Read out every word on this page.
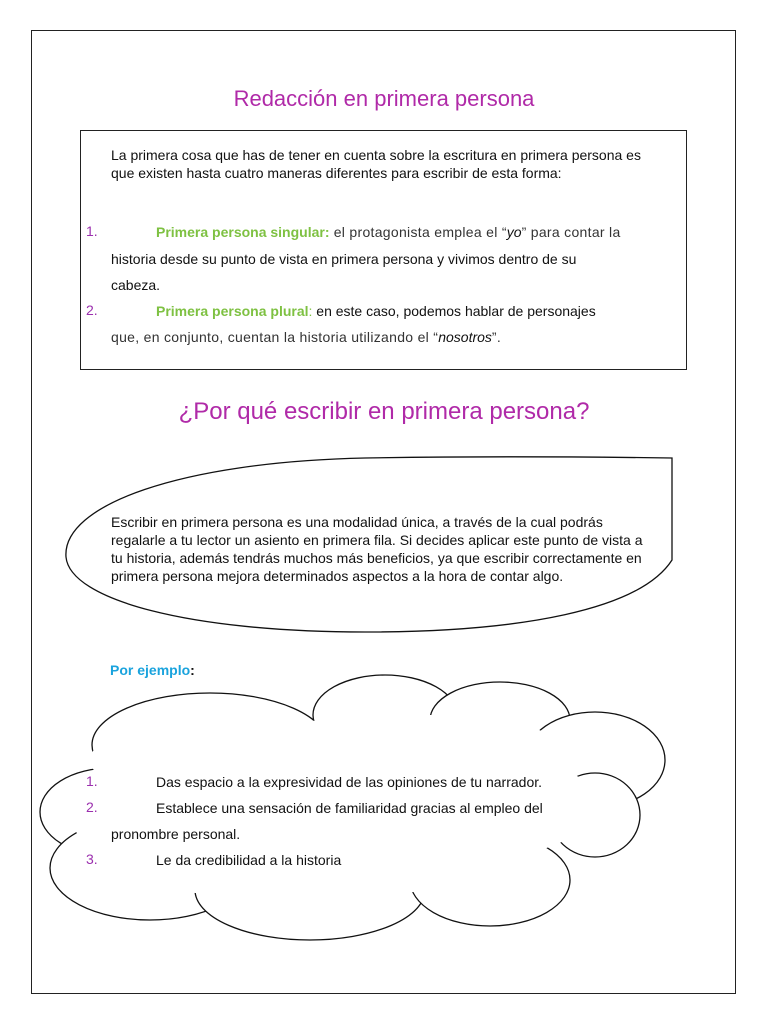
Redacción en primera persona
La primera cosa que has de tener en cuenta sobre la escritura en primera persona es que existen hasta cuatro maneras diferentes para escribir de esta forma:
1.	Primera persona singular: el protagonista emplea el “yo” para contar la
historia desde su punto de vista en primera persona y vivimos dentro de su
cabeza.
2.	Primera persona plural: en este caso, podemos hablar de personajes
que, en conjunto, cuentan la historia utilizando el “nosotros”.
¿Por qué escribir en primera persona?
Escribir en primera persona es una modalidad única, a través de la cual podrás regalarle a tu lector un asiento en primera fila. Si decides aplicar este punto de vista a tu historia, además tendrás muchos más beneficios, ya que escribir correctamente en primera persona mejora determinados aspectos a la hora de contar algo.
Por ejemplo:
1.	Das espacio a la expresividad de las opiniones de tu narrador.
2.	Establece una sensación de familiaridad gracias al empleo del
pronombre personal.
3.	Le da credibilidad a la historia
